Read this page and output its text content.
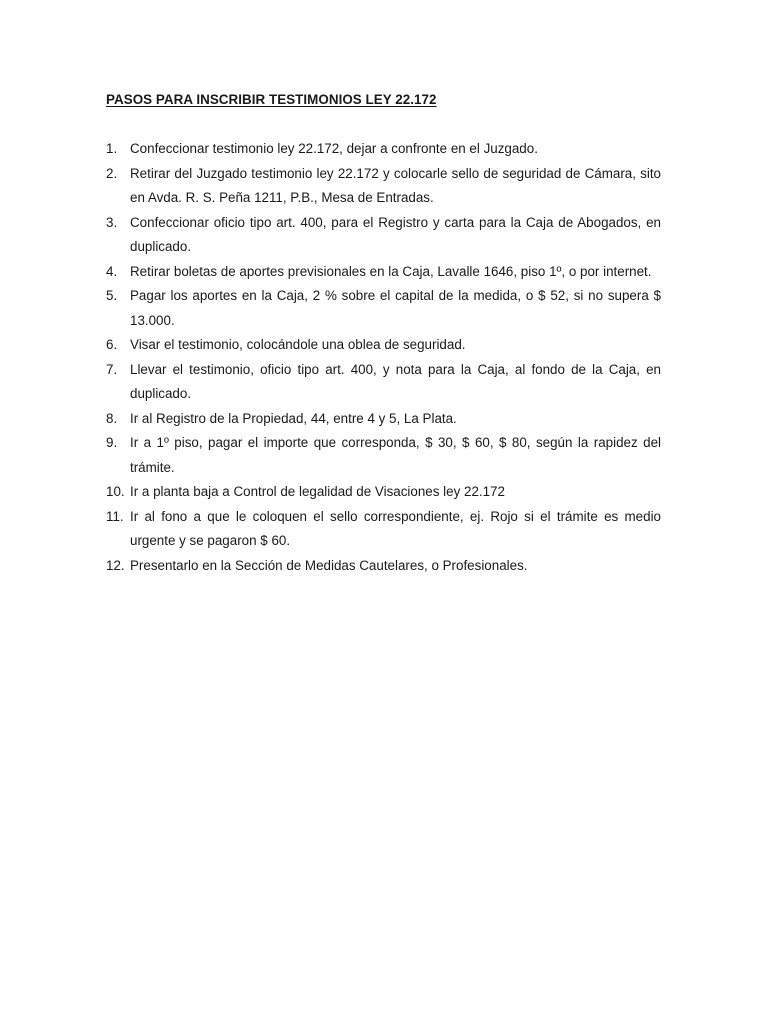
PASOS PARA INSCRIBIR TESTIMONIOS LEY 22.172
1. Confeccionar testimonio ley 22.172, dejar a confronte en el Juzgado.
2. Retirar del Juzgado testimonio ley 22.172 y colocarle sello de seguridad de Cámara, sito en Avda. R. S. Peña 1211, P.B., Mesa de Entradas.
3. Confeccionar oficio tipo art. 400, para el Registro y carta para la Caja de Abogados, en duplicado.
4. Retirar boletas de aportes previsionales en la Caja, Lavalle 1646, piso 1º, o por internet.
5. Pagar los aportes en la Caja, 2 % sobre el capital de la medida, o $ 52, si no supera $ 13.000.
6. Visar el testimonio, colocándole una oblea de seguridad.
7. Llevar el testimonio, oficio tipo art. 400, y nota para la Caja, al fondo de la Caja, en duplicado.
8. Ir al Registro de la Propiedad, 44, entre 4 y 5, La Plata.
9. Ir a 1º piso, pagar el importe que corresponda, $ 30, $ 60, $ 80, según la rapidez del trámite.
10. Ir a planta baja a Control de legalidad de Visaciones ley 22.172
11. Ir al fono a que le coloquen el sello correspondiente, ej. Rojo si el trámite es medio urgente y se pagaron $ 60.
12. Presentarlo en la Sección de Medidas Cautelares, o Profesionales.
